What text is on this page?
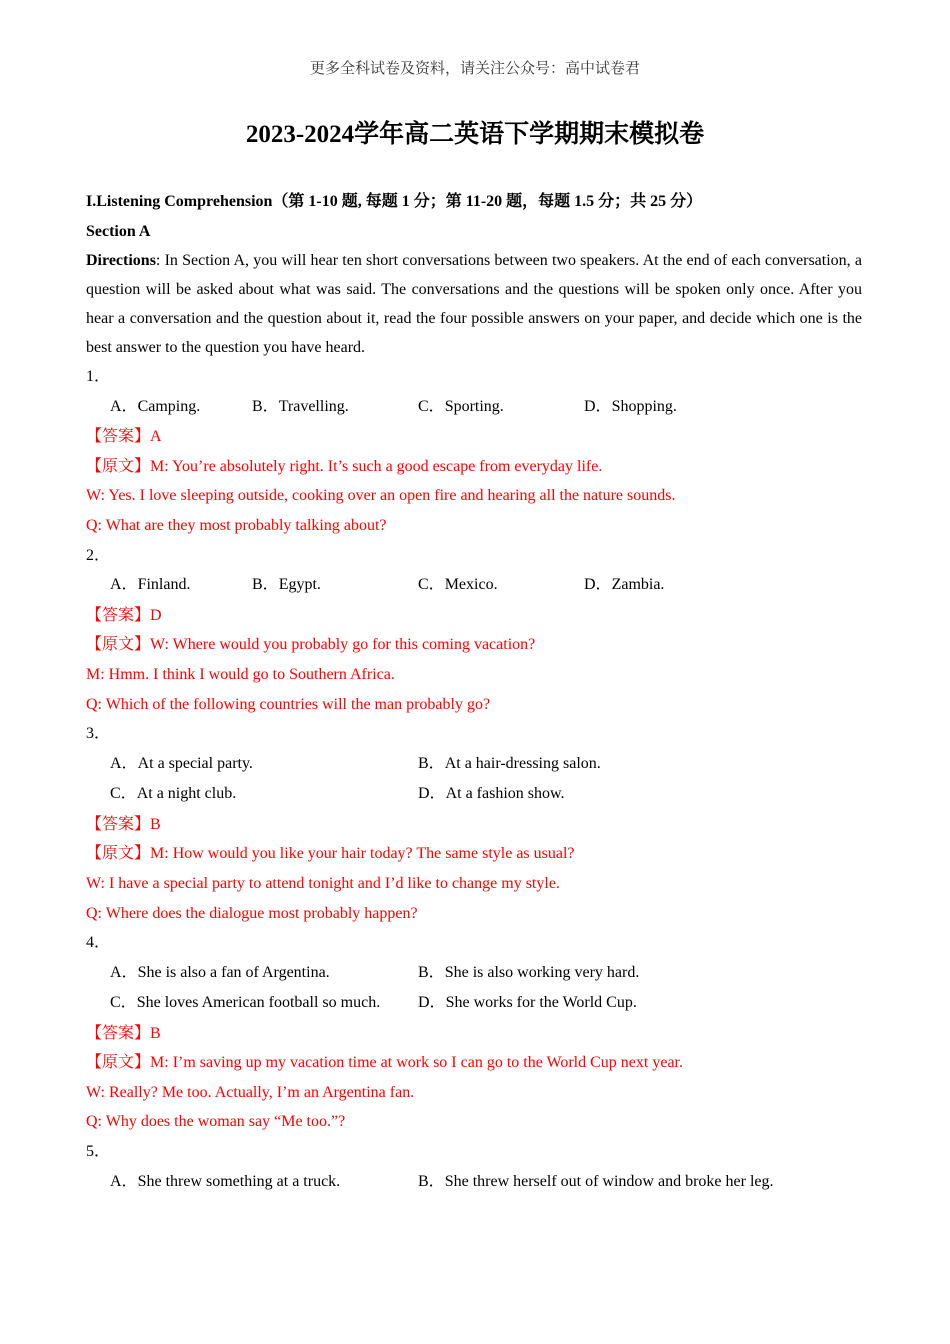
更多全科试卷及资料，请关注公众号：高中试卷君
2023-2024学年高二英语下学期期末模拟卷
I.Listening Comprehension（第 1-10 题, 每题 1 分；第 11-20 题，每题 1.5 分；共 25 分）
Section A
Directions: In Section A, you will hear ten short conversations between two speakers. At the end of each conversation, a question will be asked about what was said. The conversations and the questions will be spoken only once. After you hear a conversation and the question about it, read the four possible answers on your paper, and decide which one is the best answer to the question you have heard.
1．
A．Camping.	B．Travelling.	C．Sporting.	D．Shopping.
【答案】A
【原文】M: You’re absolutely right. It’s such a good escape from everyday life.
W: Yes. I love sleeping outside, cooking over an open fire and hearing all the nature sounds.
Q: What are they most probably talking about?
2．
A．Finland.	B．Egypt.	C．Mexico.	D．Zambia.
【答案】D
【原文】W: Where would you probably go for this coming vacation?
M: Hmm. I think I would go to Southern Africa.
Q: Which of the following countries will the man probably go?
3．
A．At a special party.	B．At a hair-dressing salon.
C．At a night club.	D．At a fashion show.
【答案】B
【原文】M: How would you like your hair today? The same style as usual?
W: I have a special party to attend tonight and I’d like to change my style.
Q: Where does the dialogue most probably happen?
4．
A．She is also a fan of Argentina.	B．She is also working very hard.
C．She loves American football so much. D．She works for the World Cup.
【答案】B
【原文】M: I’m saving up my vacation time at work so I can go to the World Cup next year.
W: Really? Me too. Actually, I’m an Argentina fan.
Q: Why does the woman say “Me too.”?
5．
A．She threw something at a truck.	B．She threw herself out of window and broke her leg.
